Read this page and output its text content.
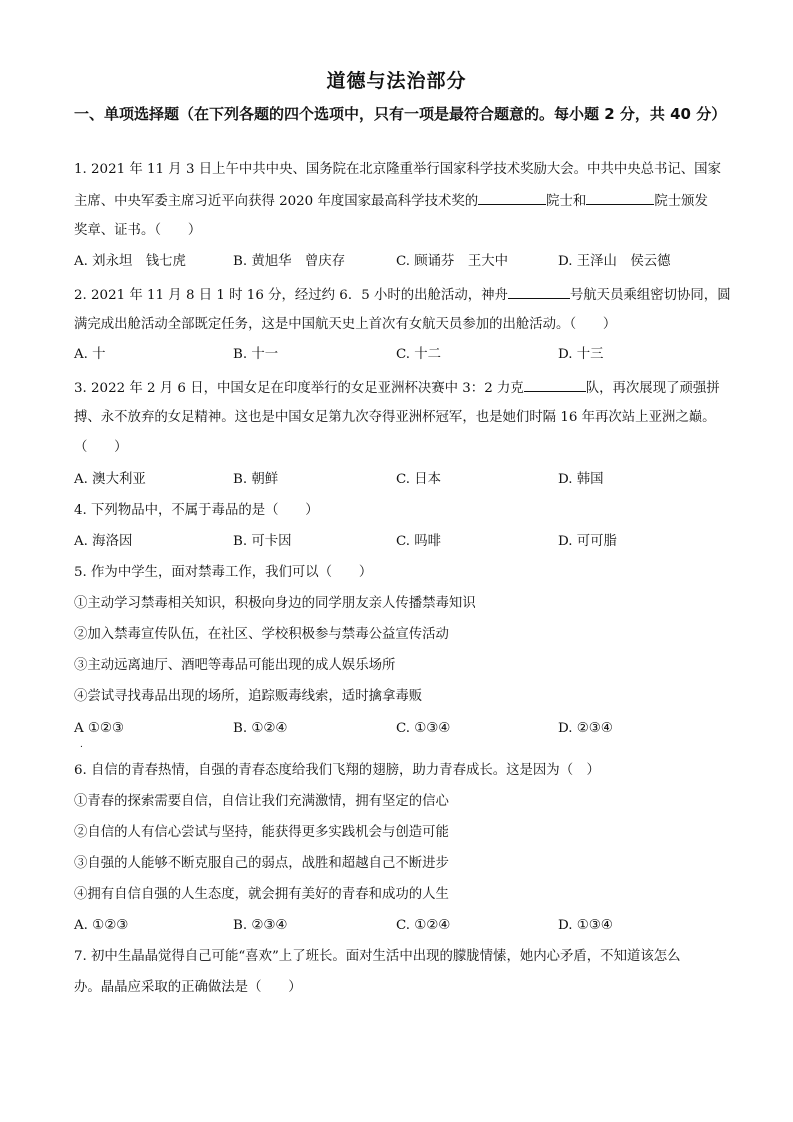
道德与法治部分
一、单项选择题（在下列各题的四个选项中，只有一项是最符合题意的。每小题 2 分，共 40 分）
1. 2021 年 11 月 3 日上午中共中央、国务院在北京隆重举行国家科学技术奖励大会。中共中央总书记、国家
主席、中央军委主席习近平向获得 2020 年度国家最高科学技术奖的	院士和	院士颁发
奖章、证书。（　　）
A. 刘永坦　钱七虎	B. 黄旭华　曾庆存	C. 顾诵芬　王大中	D. 王泽山　侯云德
2. 2021 年 11 月 8 日 1 时 16 分，经过约 6．5 小时的出舱活动，神舟	号航天员乘组密切协同，圆
满完成出舱活动全部既定任务，这是中国航天史上首次有女航天员参加的出舱活动。（　　）
A. 十	B. 十一	C. 十二	D. 十三
3. 2022 年 2 月 6 日，中国女足在印度举行的女足亚洲杯决赛中 3：2 力克	队，再次展现了顽强拼
搏、永不放弃的女足精神。这也是中国女足第九次夺得亚洲杯冠军，也是她们时隔 16 年再次站上亚洲之巅。
（　　）
A. 澳大利亚	B. 朝鲜	C. 日本	D. 韩国
4. 下列物品中，不属于毒品的是（　　）
A. 海洛因	B. 可卡因	C. 吗啡	D. 可可脂
5. 作为中学生，面对禁毒工作，我们可以（　　）
①主动学习禁毒相关知识，积极向身边的同学朋友亲人传播禁毒知识
②加入禁毒宣传队伍，在社区、学校积极参与禁毒公益宣传活动
③主动远离迪厅、酒吧等毒品可能出现的成人娱乐场所
④尝试寻找毒品出现的场所，追踪贩毒线索，适时擒拿毒贩
A ①②③	B. ①②④	C. ①③④	D. ②③④
.
6. 自信的青春热情，自强的青春态度给我们飞翔的翅膀，助力青春成长。这是因为（　）
①青春的探索需要自信，自信让我们充满激情，拥有坚定的信心
②自信的人有信心尝试与坚持，能获得更多实践机会与创造可能
③自强的人能够不断克服自己的弱点，战胜和超越自己不断进步
④拥有自信自强的人生态度，就会拥有美好的青春和成功的人生
A. ①②③	B. ②③④	C. ①②④	D. ①③④
7. 初中生晶晶觉得自己可能“喜欢”上了班长。面对生活中出现的朦胧情愫，她内心矛盾，不知道该怎么
办。晶晶应采取的正确做法是（　　）
